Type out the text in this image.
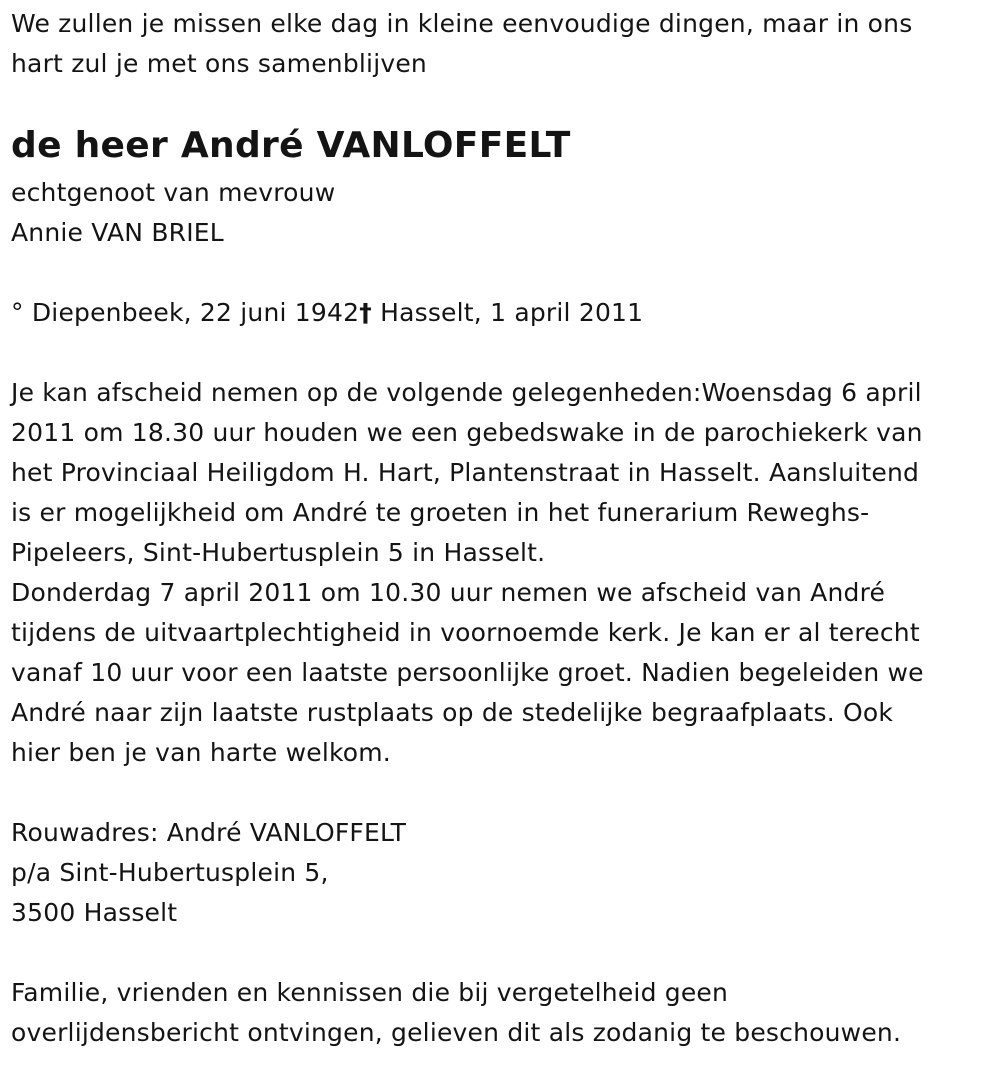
We zullen je missen elke dag in kleine eenvoudige dingen, maar in ons
hart zul je met ons samenblijven

de heer André VANLOFFELT

echtgenoot van mevrouw
Annie VAN BRIEL

° Diepenbeek, 22 juni 1942† Hasselt, 1 april 2011

Je kan afscheid nemen op de volgende gelegenheden:Woensdag 6 april
2011 om 18.30 uur houden we een gebedswake in de parochiekerk van
het Provinciaal Heiligdom H. Hart, Plantenstraat in Hasselt. Aansluitend
is er mogelijkheid om André te groeten in het funerarium Reweghs-
Pipeleers, Sint-Hubertusplein 5 in Hasselt.
Donderdag 7 april 2011 om 10.30 uur nemen we afscheid van André
tijdens de uitvaartplechtigheid in voornoemde kerk. Je kan er al terecht
vanaf 10 uur voor een laatste persoonlijke groet. Nadien begeleiden we
André naar zijn laatste rustplaats op de stedelijke begraafplaats. Ook
hier ben je van harte welkom.

Rouwadres: André VANLOFFELT
p/a Sint-Hubertusplein 5,
3500 Hasselt

Familie, vrienden en kennissen die bij vergetelheid geen
overlijdensbericht ontvingen, gelieven dit als zodanig te beschouwen.
